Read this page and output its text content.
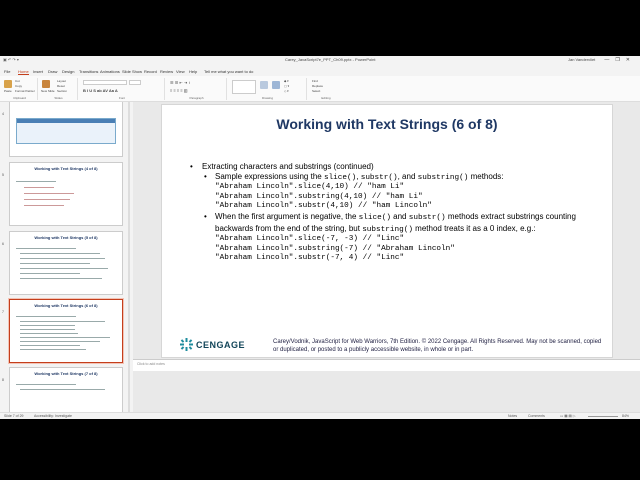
▣ ↶ ↷ ▾	Carey_JavaScript7e_PPT_Ch09.pptx - PowerPoint	Jan Vandervliet —❐✕
File Home Insert Draw Design Transitions Animations Slide Show Record Review View Help Tell me what you want to do
Paste
Cut
Copy
Format Painter
Clipboard
New Slide
Layout
Reset
Section
Slides
B I U S ab AV Aa A
Font
☰ ☰ ⇤ ⇥ ↕
≡ ≡ ≡ ≡ ▥
Paragraph
◆ ▾
▢ ▾
◇ ▾
Drawing
Find
Replace
Select
Editing
4
5
Working with Text Strings (4 of 8)
6
Working with Text Strings (5 of 8)
7
Working with Text Strings (6 of 8)
8
Working with Text Strings (7 of 8)
Working with Text Strings (6 of 8)
• Extracting characters and substrings (continued)
• Sample expressions using the slice(), substr(), and substring() methods:
"Abraham Lincoln".slice(4,10) // "ham Li"
"Abraham Lincoln".substring(4,10) // "ham Li"
"Abraham Lincoln".substr(4,10) // "ham Lincoln"
• When the first argument is negative, the slice() and substr() methods extract substrings counting backwards from the end of the string, but substring() method treats it as a 0 index, e.g.:
"Abraham Lincoln".slice(-7, -3) // "Linc"
"Abraham Lincoln".substring(-7) // "Abraham Lincoln"
"Abraham Lincoln".substr(-7, 4) // "Linc"
CENGAGE	Carey/Vodnik, JavaScript for Web Warriors, 7th Edition. © 2022 Cengage. All Rights Reserved. May not be scanned, copied or duplicated, or posted to a publicly accessible website, in whole or in part.
Click to add notes
Slide 7 of 29	Accessibility: Investigate	Notes	Comments	▭ ▦ ▤ ▷	84%
